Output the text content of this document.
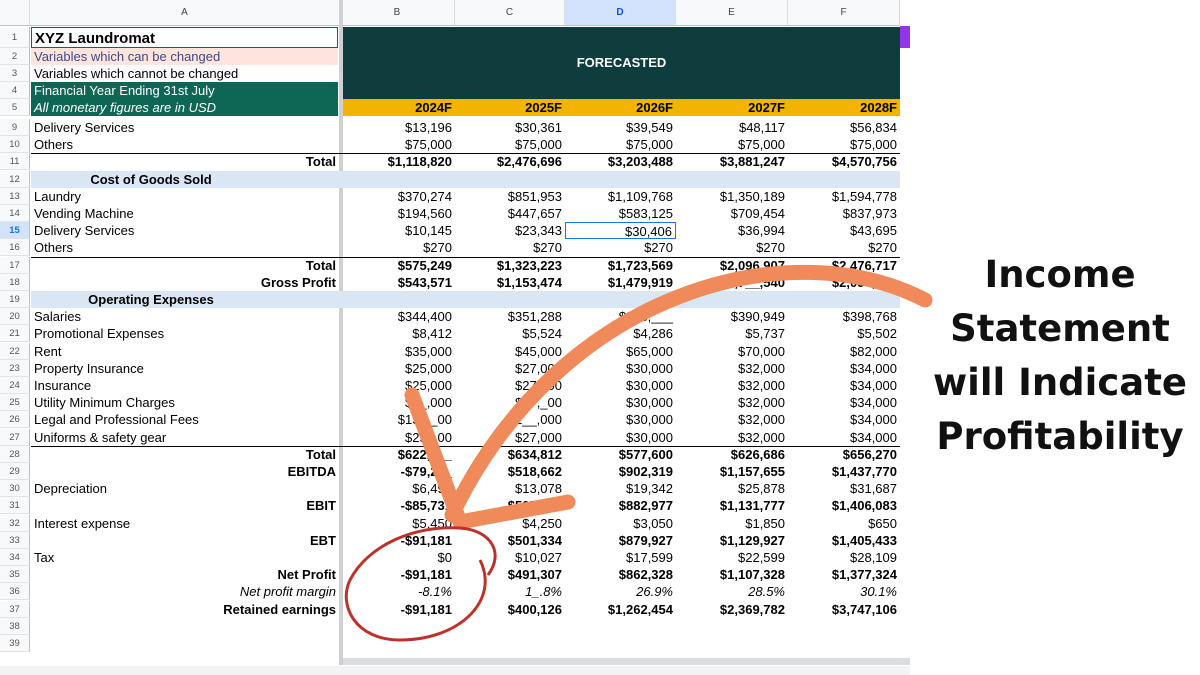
A	B	C	D	E	F
1
2
3
4
5
XYZ Laundromat
Variables which can be changed
Variables which cannot be changed
Financial Year Ending 31st July
All monetary figures are in USD
FORECASTED
2024F	2025F	2026F	2027F	2028F
9	Delivery Services	$13,196	$30,361	$39,549	$48,117	$56,834
10	Others	$75,000	$75,000	$75,000	$75,000	$75,000
11	Total	$1,118,820	$2,476,696	$3,203,488	$3,881,247	$4,570,756
12	Cost of Goods Sold
13	Laundry	$370,274	$851,953	$1,109,768	$1,350,189	$1,594,778
14	Vending Machine	$194,560	$447,657	$583,125	$709,454	$837,973
15	Delivery Services	$10,145	$23,343	$30,406	$36,994	$43,695
16	Others	$270	$270	$270	$270	$270
17	Total	$575,249	$1,323,223	$1,723,569	$2,096,907	$2,476,717
18	Gross Profit	$543,571	$1,153,474	$1,479,919	$1,7__,540	$2,094,0__
19	Operating Expenses
20	Salaries	$344,400	$351,288	$358,___	$390,949	$398,768
21	Promotional Expenses	$8,412	$5,524	$4,286	$5,737	$5,502
22	Rent	$35,000	$45,000	$65,000	$70,000	$82,000
23	Property Insurance	$25,000	$27,000	$30,000	$32,000	$34,000
24	Insurance	$25,000	$27,000	$30,000	$32,000	$34,000
25	Utility Minimum Charges	$2_,000	$27,_00	$30,000	$32,000	$34,000
26	Legal and Professional Fees	$135,_00	$1__,000	$30,000	$32,000	$34,000
27	Uniforms & safety gear	$25,_00	$27,000	$30,000	$32,000	$34,000
28	Total	$622,8__	$634,812	$577,600	$626,686	$656,270
29	EBITDA	-$79,24_	$518,662	$902,319	$1,157,655	$1,437,770
30	Depreciation	$6,490	$13,078	$19,342	$25,878	$31,687
31	EBIT	-$85,731	$505,584	$882,977	$1,131,777	$1,406,083
32	Interest expense	$5,450	$4,250	$3,050	$1,850	$650
33	EBT	-$91,181	$501,334	$879,927	$1,129,927	$1,405,433
34	Tax	$0	$10,027	$17,599	$22,599	$28,109
35	Net Profit	-$91,181	$491,307	$862,328	$1,107,328	$1,377,324
36	Net profit margin	-8.1%	1_.8%	26.9%	28.5%	30.1%
37	Retained earnings	-$91,181	$400,126	$1,262,454	$2,369,782	$3,747,106
38
39
Income Statement will Indicate Profitability
